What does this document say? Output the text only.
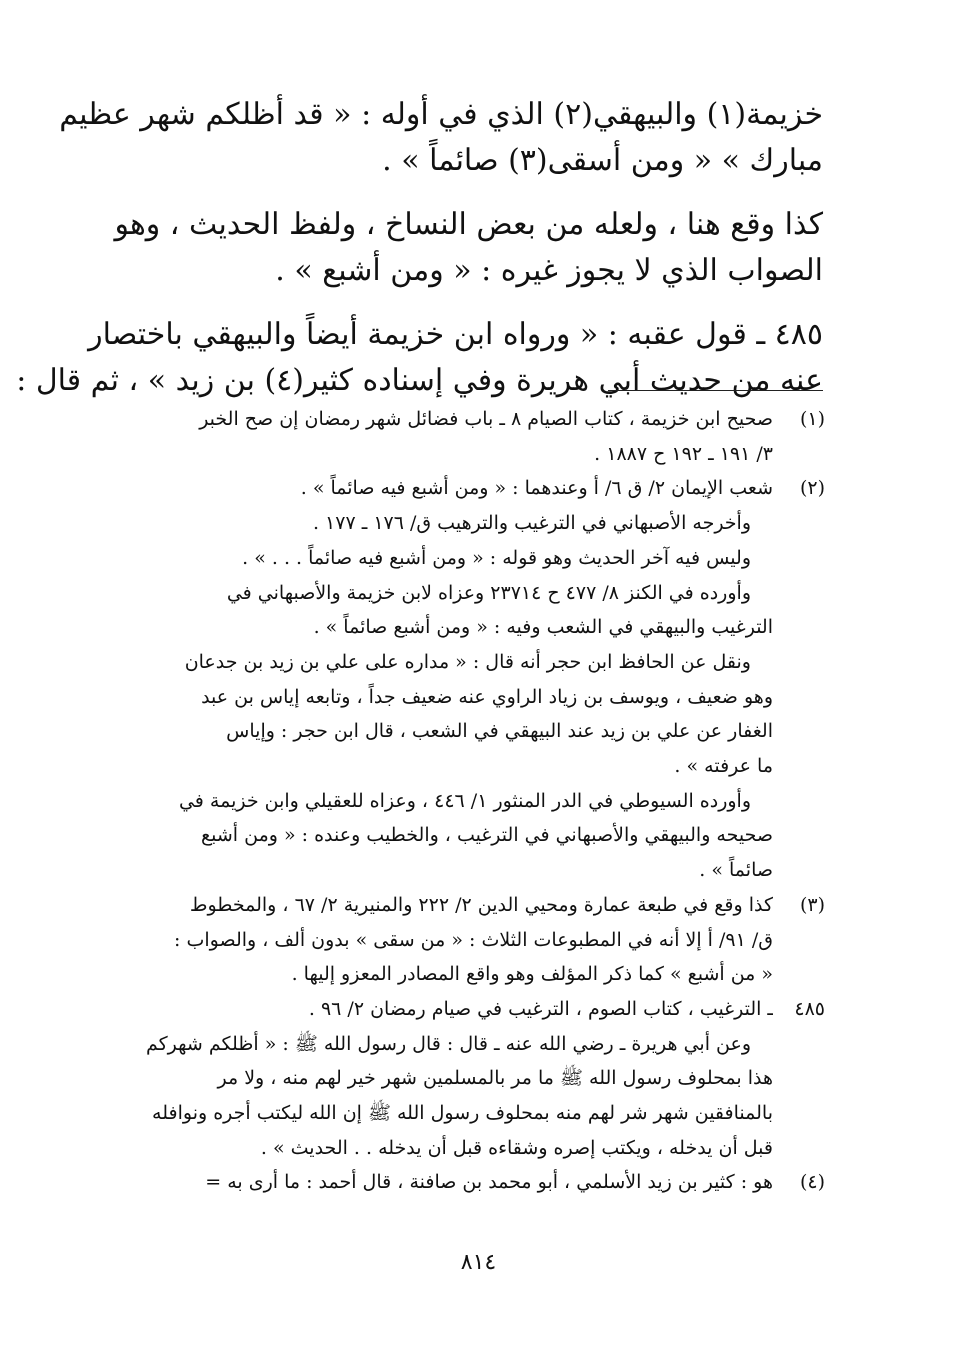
خزيمة(١) والبيهقي(٢) الذي في أوله : « قد أظلكم شهر عظيم
مبارك » « ومن أسقى(٣) صائماً » .

كذا وقع هنا ، ولعله من بعض النساخ ، ولفظ الحديث ، وهو
الصواب الذي لا يجوز غيره : « ومن أشبع » .

٤٨٥ ـ قول عقبه : « ورواه ابن خزيمة أيضاً والبيهقي باختصار
عنه من حديث أبي هريرة وفي إسناده كثير(٤) بن زيد » ، ثم قال :

(١)
صحيح ابن خزيمة ، كتاب الصيام ٨ ـ باب فضائل شهر رمضان إن صح الخبر
٣/ ١٩١ ـ ١٩٢ ح ١٨٨٧ .
(٢)
شعب الإيمان ٢/ ق ٦/ أ وعندهما : « ومن أشبع فيه صائماً » .
وأخرجه الأصبهاني في الترغيب والترهيب ق/ ١٧٦ ـ ١٧٧ .
وليس فيه آخر الحديث وهو قوله : « ومن أشبع فيه صائماً . . . » .
وأورده في الكنز ٨/ ٤٧٧ ح ٢٣٧١٤ وعزاه لابن خزيمة والأصبهاني في
الترغيب والبيهقي في الشعب وفيه : « ومن أشبع صائماً » .
ونقل عن الحافظ ابن حجر أنه قال : « مداره على علي بن زيد بن جدعان
وهو ضعيف ، ويوسف بن زياد الراوي عنه ضعيف جداً ، وتابعه إياس بن عبد
الغفار عن علي بن زيد عند البيهقي في الشعب ، قال ابن حجر : وإياس
ما عرفته » .
وأورده السيوطي في الدر المنثور ١/ ٤٤٦ ، وعزاه للعقيلي وابن خزيمة في
صحيحه والبيهقي والأصبهاني في الترغيب ، والخطيب وعنده : « ومن أشبع
صائماً » .
(٣)
كذا وقع في طبعة عمارة ومحيي الدين ٢/ ٢٢٢ والمنيرية ٢/ ٦٧ ، والمخطوط
ق/ ٩١/ أ إلا أنه في المطبوعات الثلاث : « من سقى » بدون ألف ، والصواب :
« من أشبع » كما ذكر المؤلف وهو واقع المصادر المعزو إليها .
٤٨٥
ـ الترغيب ، كتاب الصوم ، الترغيب في صيام رمضان ٢/ ٩٦ .
وعن أبي هريرة ـ رضي الله عنه ـ قال : قال رسول الله ﷺ : « أظلكم شهركم
هذا بمحلوف رسول الله ﷺ ما مر بالمسلمين شهر خير لهم منه ، ولا مر
بالمنافقين شهر شر لهم منه بمحلوف رسول الله ﷺ إن الله ليكتب أجره ونوافله
قبل أن يدخله ، ويكتب إصره وشقاءه قبل أن يدخله . . الحديث » .
(٤)
هو : كثير بن زيد الأسلمي ، أبو محمد بن صافنة ، قال أحمد : ما أرى به =
٨١٤
